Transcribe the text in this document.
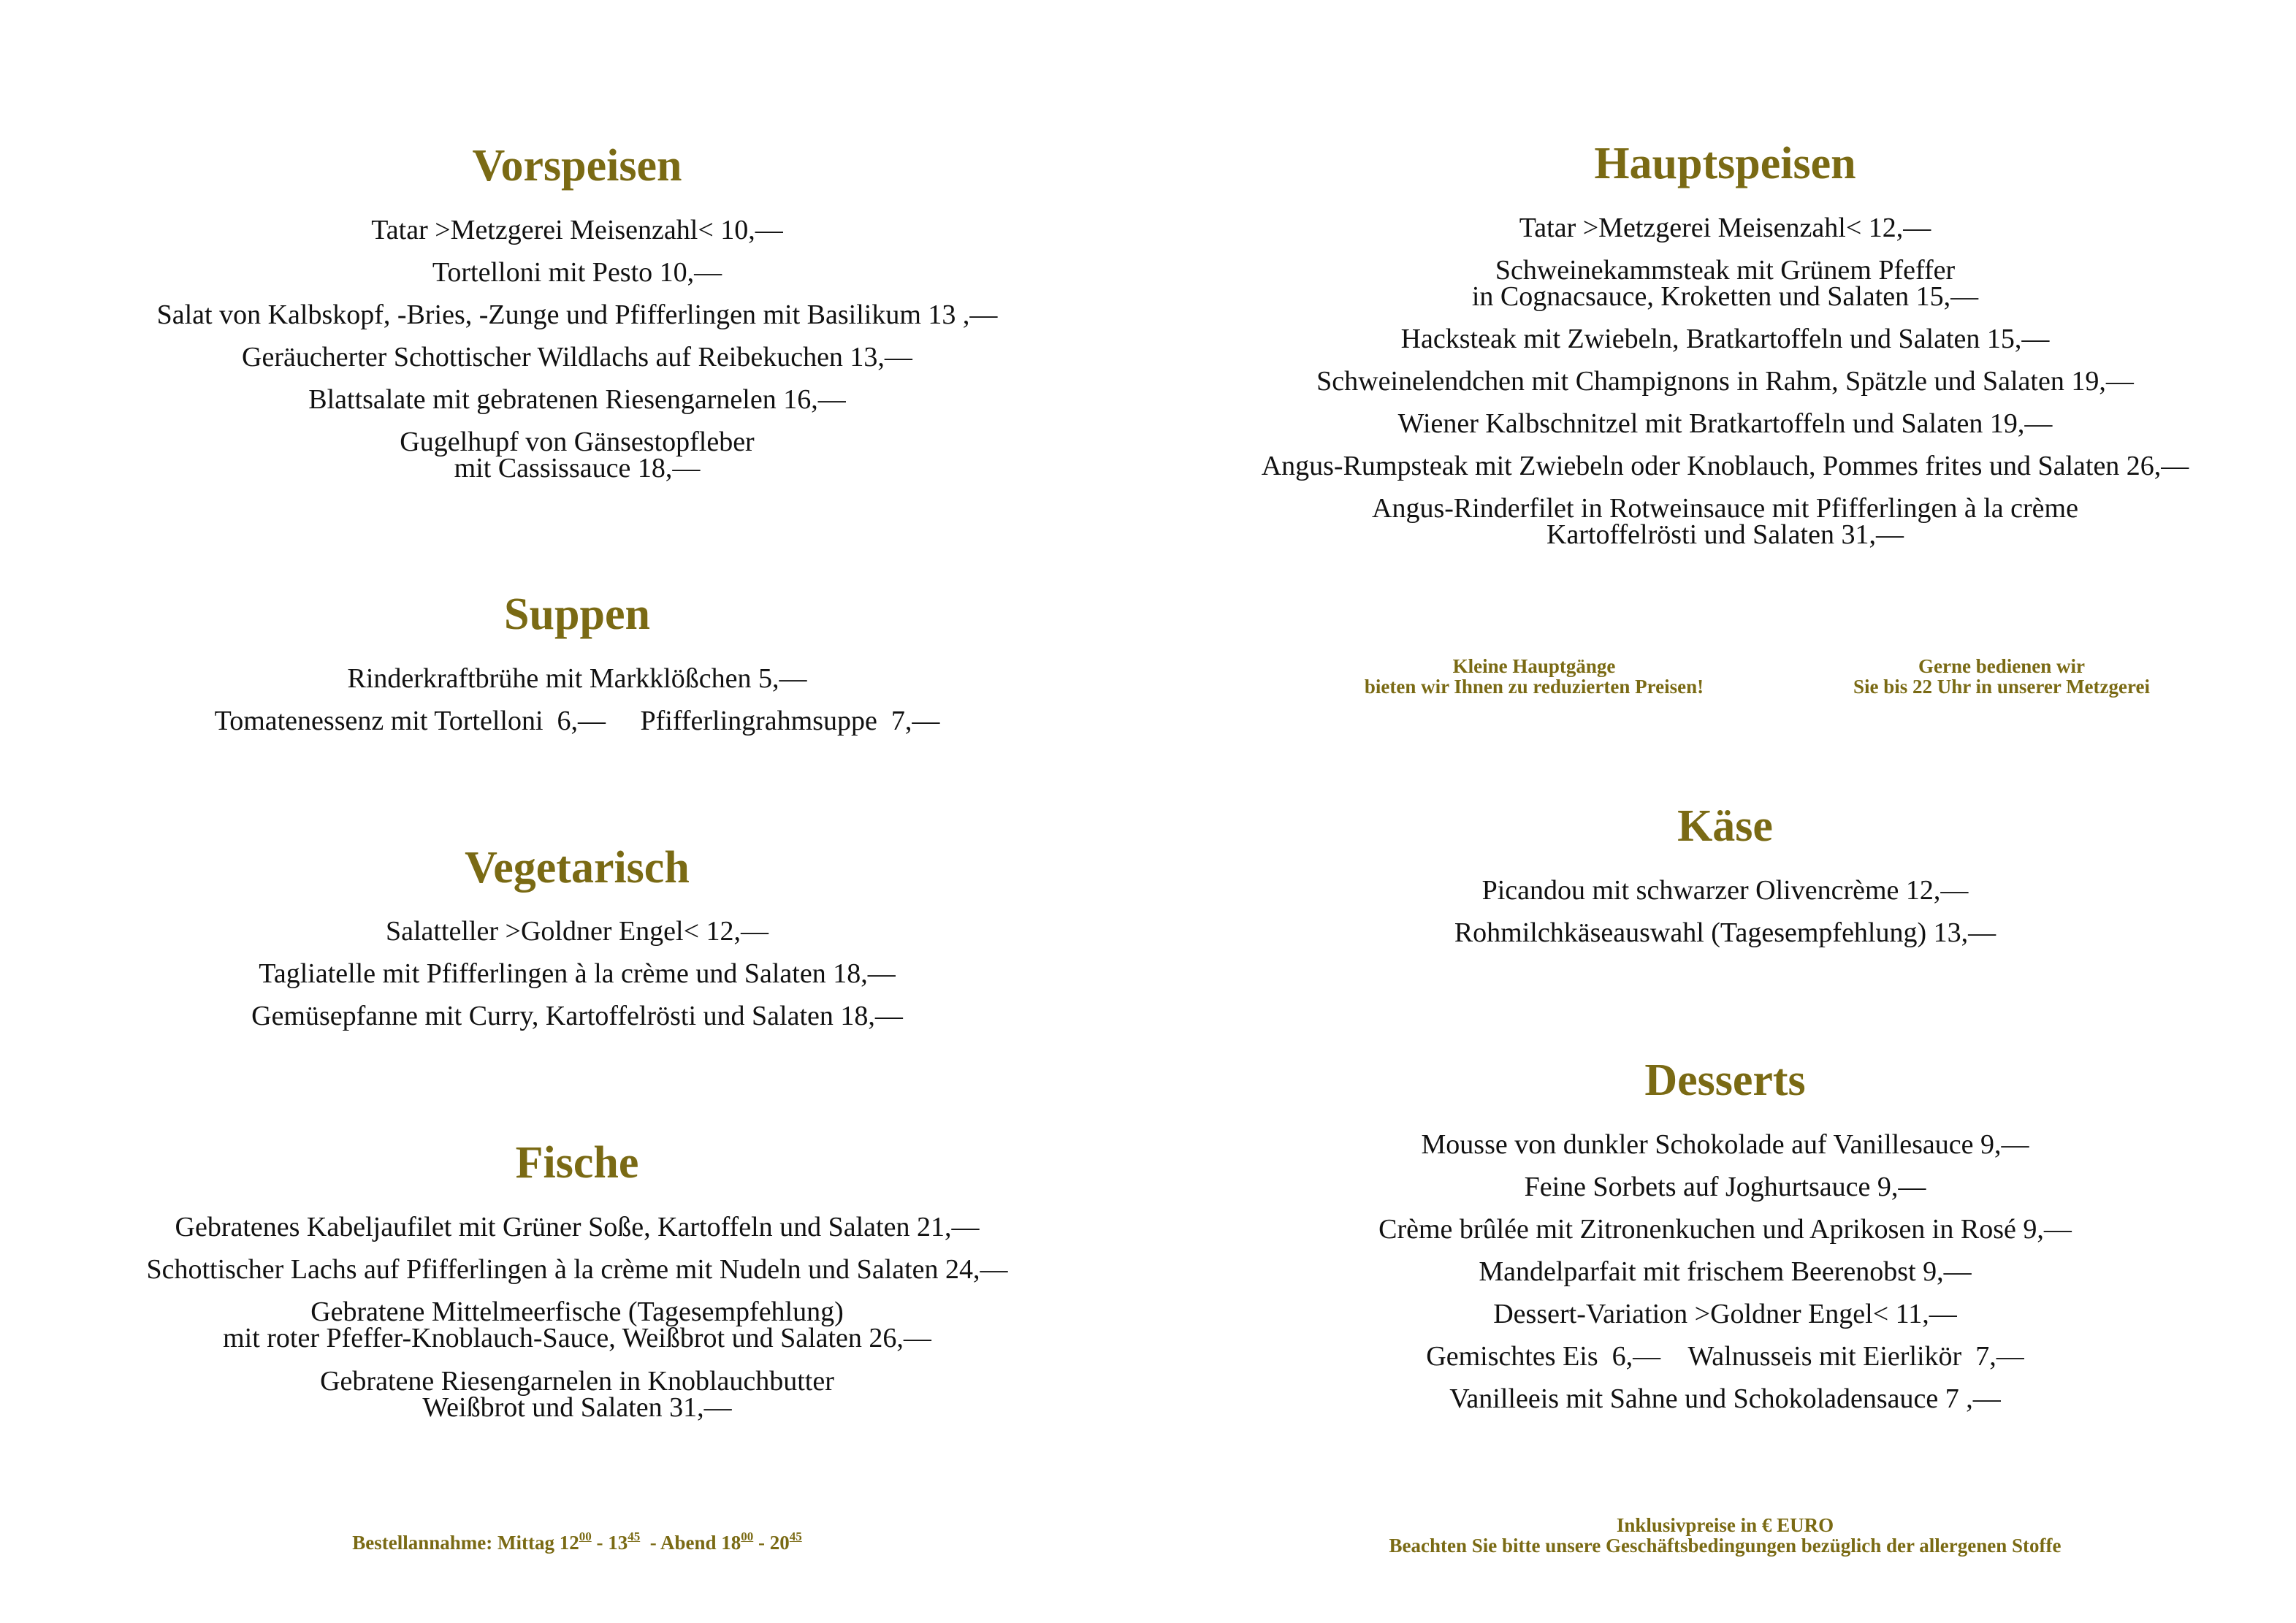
Vorspeisen
Tatar >Metzgerei Meisenzahl< 10,—
Tortelloni mit Pesto 10,—
Salat von Kalbskopf, -Bries, -Zunge und Pfifferlingen mit Basilikum 13 ,—
Geräucherter Schottischer Wildlachs auf Reibekuchen 13,—
Blattsalate mit gebratenen Riesengarnelen 16,—
Gugelhupf von Gänsestopfleber
mit Cassissauce 18,—
Suppen
Rinderkraftbrühe mit Markklößchen 5,—
Tomatenessenz mit Tortelloni  6,—     Pfifferlingrahmsuppe  7,—
Vegetarisch
Salatteller >Goldner Engel< 12,—
Tagliatelle mit Pfifferlingen à la crème und Salaten 18,—
Gemüsepfanne mit Curry, Kartoffelrösti und Salaten 18,—
Fische
Gebratenes Kabeljaufilet mit Grüner Soße, Kartoffeln und Salaten 21,—
Schottischer Lachs auf Pfifferlingen à la crème mit Nudeln und Salaten 24,—
Gebratene Mittelmeerfische (Tagesempfehlung)
mit roter Pfeffer-Knoblauch-Sauce, Weißbrot und Salaten 26,—
Gebratene Riesengarnelen in Knoblauchbutter
Weißbrot und Salaten 31,—
Bestellannahme: Mittag $12^{00} - 13^{45}$  - Abend $18^{00} - 20^{45}$
Hauptspeisen
Tatar >Metzgerei Meisenzahl< 12,—
Schweinekammsteak mit Grünem Pfeffer
in Cognacsauce, Kroketten und Salaten 15,—
Hacksteak mit Zwiebeln, Bratkartoffeln und Salaten 15,—
Schweinelendchen mit Champignons in Rahm, Spätzle und Salaten 19,—
Wiener Kalbschnitzel mit Bratkartoffeln und Salaten 19,—
Angus-Rumpsteak mit Zwiebeln oder Knoblauch, Pommes frites und Salaten 26,—
Angus-Rinderfilet in Rotweinsauce mit Pfifferlingen à la crème
Kartoffelrösti und Salaten 31,—
Kleine Hauptgänge
bieten wir Ihnen zu reduzierten Preisen!
Gerne bedienen wir
Sie bis 22 Uhr in unserer Metzgerei
Käse
Picandou mit schwarzer Olivencrème 12,—
Rohmilchkäseauswahl (Tagesempfehlung) 13,—
Desserts
Mousse von dunkler Schokolade auf Vanillesauce 9,—
Feine Sorbets auf Joghurtsauce 9,—
Crème brûlée mit Zitronenkuchen und Aprikosen in Rosé 9,—
Mandelparfait mit frischem Beerenobst 9,—
Dessert-Variation >Goldner Engel< 11,—
Gemischtes Eis  6,—    Walnusseis mit Eierlikör  7,—
Vanilleeis mit Sahne und Schokoladensauce 7 ,—
Inklusivpreise in € EURO
Beachten Sie bitte unsere Geschäftsbedingungen bezüglich der allergenen Stoffe
